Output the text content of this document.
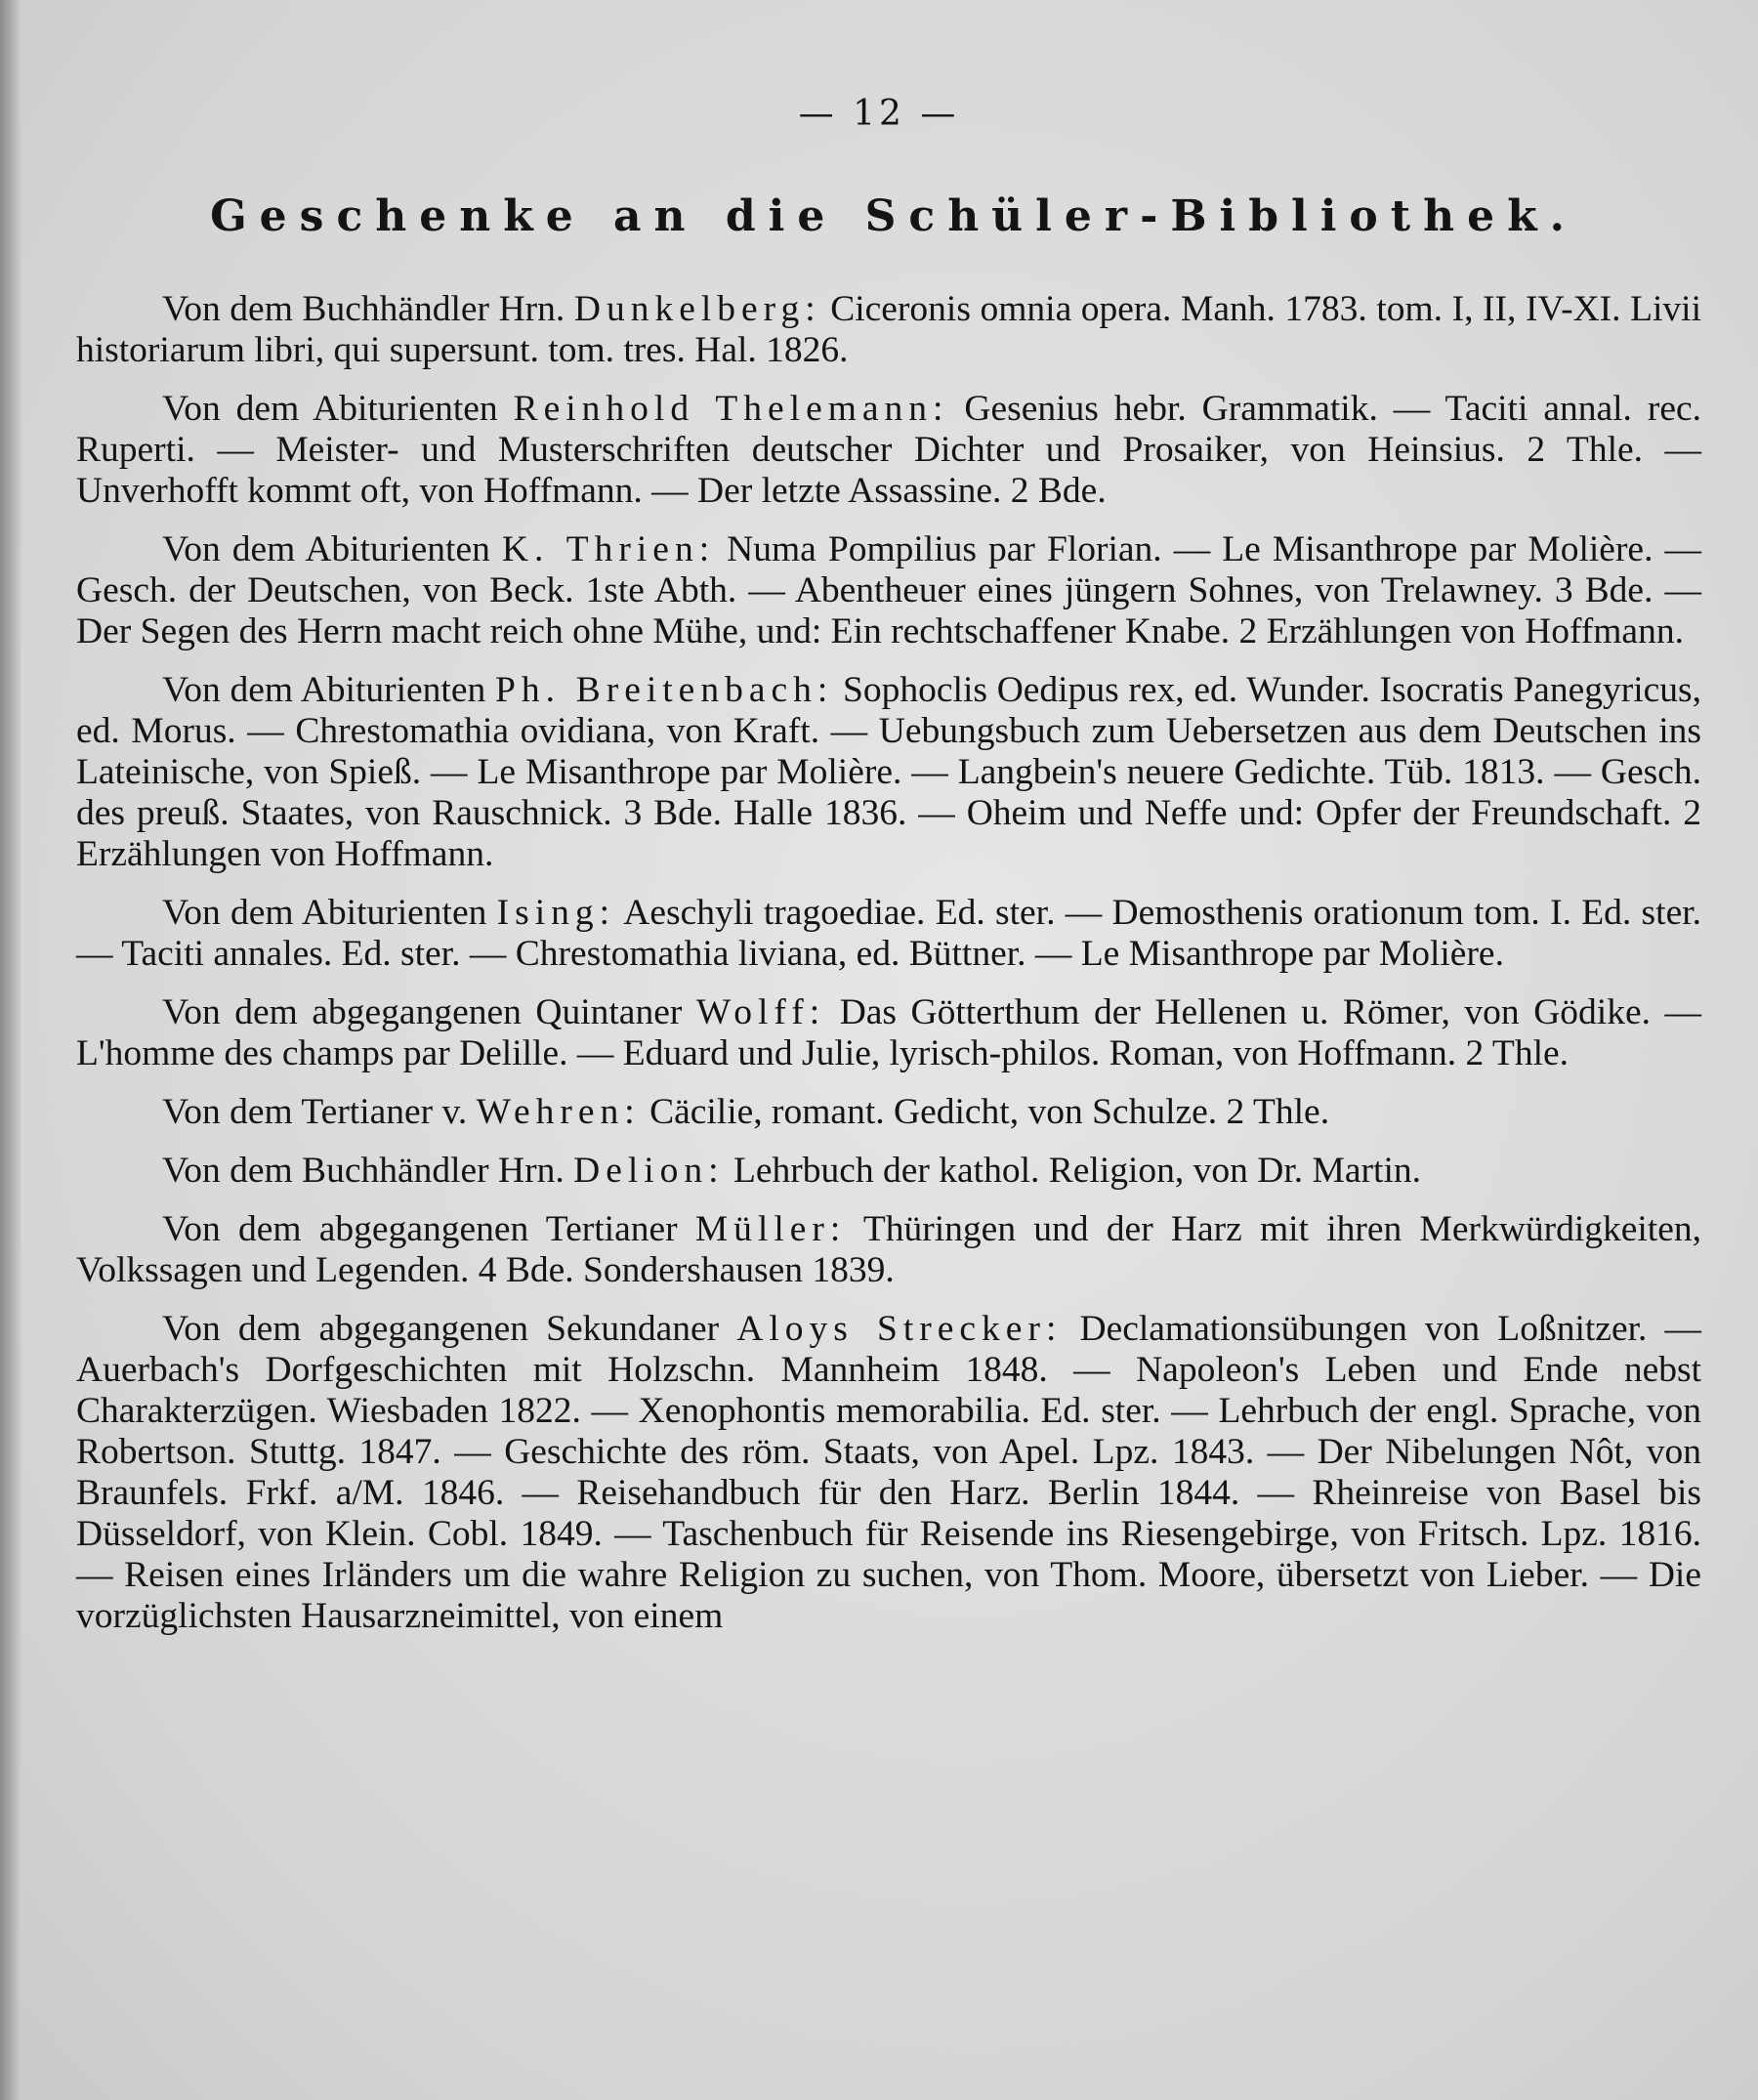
— 12 —
Geschenke an die Schüler-Bibliothek.

Von dem Buchhändler Hrn. Dunkelberg: Ciceronis omnia opera. Manh. 1783. tom. I, II, IV-XI. Livii historiarum libri, qui supersunt. tom. tres. Hal. 1826.

Von dem Abiturienten Reinhold Thelemann: Gesenius hebr. Grammatik. — Taciti annal. rec. Ruperti. — Meister- und Musterschriften deutscher Dichter und Prosaiker, von Heinsius. 2 Thle. — Unverhofft kommt oft, von Hoffmann. — Der letzte Assassine. 2 Bde.

Von dem Abiturienten K. Thrien: Numa Pompilius par Florian. — Le Misanthrope par Molière. — Gesch. der Deutschen, von Beck. 1ste Abth. — Abentheuer eines jüngern Sohnes, von Trelawney. 3 Bde. — Der Segen des Herrn macht reich ohne Mühe, und: Ein rechtschaffener Knabe. 2 Erzählungen von Hoffmann.

Von dem Abiturienten Ph. Breitenbach: Sophoclis Oedipus rex, ed. Wunder. Isocratis Panegyricus, ed. Morus. — Chrestomathia ovidiana, von Kraft. — Uebungsbuch zum Uebersetzen aus dem Deutschen ins Lateinische, von Spieß. — Le Misanthrope par Molière. — Langbein's neuere Gedichte. Tüb. 1813. — Gesch. des preuß. Staates, von Rauschnick. 3 Bde. Halle 1836. — Oheim und Neffe und: Opfer der Freundschaft. 2 Erzählungen von Hoffmann.

Von dem Abiturienten Ising: Aeschyli tragoediae. Ed. ster. — Demosthenis orationum tom. I. Ed. ster. — Taciti annales. Ed. ster. — Chrestomathia liviana, ed. Büttner. — Le Misanthrope par Molière.

Von dem abgegangenen Quintaner Wolff: Das Götterthum der Hellenen u. Römer, von Gödike. — L'homme des champs par Delille. — Eduard und Julie, lyrisch-philos. Roman, von Hoffmann. 2 Thle.

Von dem Tertianer v. Wehren: Cäcilie, romant. Gedicht, von Schulze. 2 Thle.

Von dem Buchhändler Hrn. Delion: Lehrbuch der kathol. Religion, von Dr. Martin.

Von dem abgegangenen Tertianer Müller: Thüringen und der Harz mit ihren Merkwürdigkeiten, Volkssagen und Legenden. 4 Bde. Sondershausen 1839.

Von dem abgegangenen Sekundaner Aloys Strecker: Declamationsübungen von Loßnitzer. — Auerbach's Dorfgeschichten mit Holzschn. Mannheim 1848. — Napoleon's Leben und Ende nebst Charakterzügen. Wiesbaden 1822. — Xenophontis memorabilia. Ed. ster. — Lehrbuch der engl. Sprache, von Robertson. Stuttg. 1847. — Geschichte des röm. Staats, von Apel. Lpz. 1843. — Der Nibelungen Nôt, von Braunfels. Frkf. a/M. 1846. — Reisehandbuch für den Harz. Berlin 1844. — Rheinreise von Basel bis Düsseldorf, von Klein. Cobl. 1849. — Taschenbuch für Reisende ins Riesengebirge, von Fritsch. Lpz. 1816. — Reisen eines Irländers um die wahre Religion zu suchen, von Thom. Moore, übersetzt von Lieber. — Die vorzüglichsten Hausarzneimittel, von einem
